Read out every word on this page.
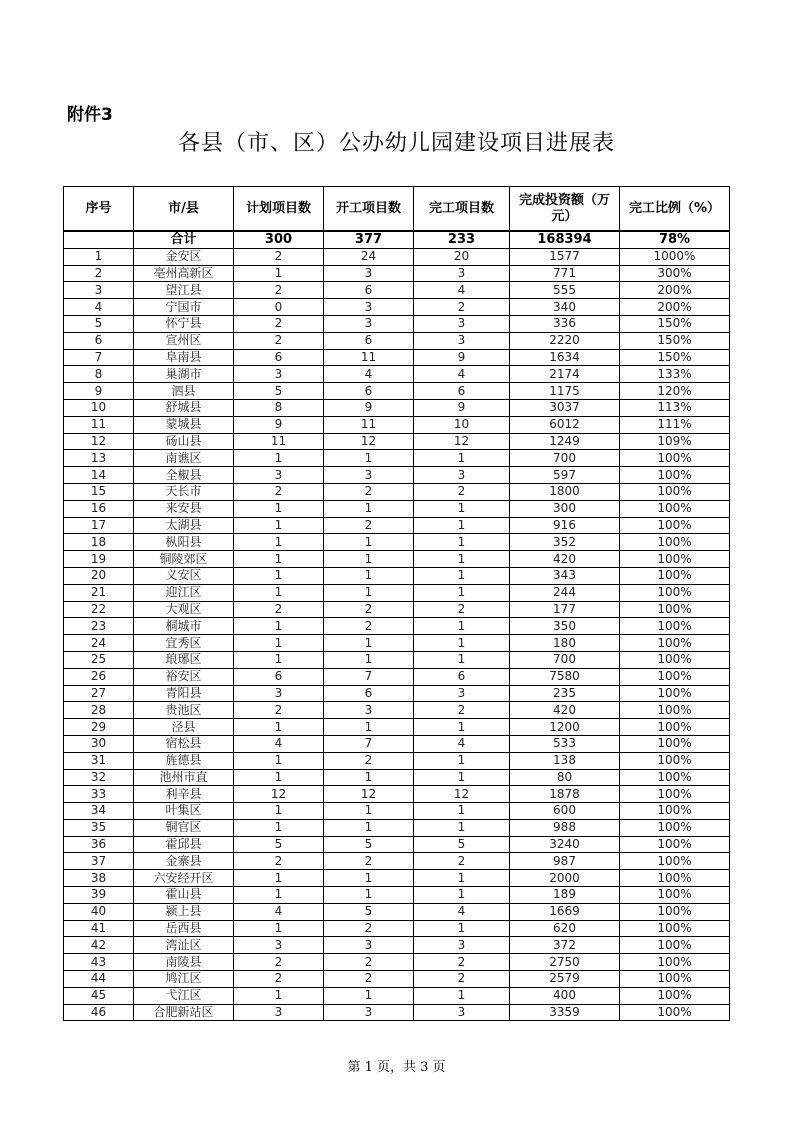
附件3
各县（市、区）公办幼儿园建设项目进展表
序号	市/县	计划项目数	开工项目数	完工项目数	完成投资额（万元）	完工比例（%）
	合计	300	377	233	168394	78%
1	金安区	2	24	20	1577	1000%
2	亳州高新区	1	3	3	771	300%
3	望江县	2	6	4	555	200%
4	宁国市	0	3	2	340	200%
5	怀宁县	2	3	3	336	150%
6	宣州区	2	6	3	2220	150%
7	阜南县	6	11	9	1634	150%
8	巢湖市	3	4	4	2174	133%
9	泗县	5	6	6	1175	120%
10	舒城县	8	9	9	3037	113%
11	蒙城县	9	11	10	6012	111%
12	砀山县	11	12	12	1249	109%
13	南谯区	1	1	1	700	100%
14	全椒县	3	3	3	597	100%
15	天长市	2	2	2	1800	100%
16	来安县	1	1	1	300	100%
17	太湖县	1	2	1	916	100%
18	枞阳县	1	1	1	352	100%
19	铜陵郊区	1	1	1	420	100%
20	义安区	1	1	1	343	100%
21	迎江区	1	1	1	244	100%
22	大观区	2	2	2	177	100%
23	桐城市	1	2	1	350	100%
24	宜秀区	1	1	1	180	100%
25	琅琊区	1	1	1	700	100%
26	裕安区	6	7	6	7580	100%
27	青阳县	3	6	3	235	100%
28	贵池区	2	3	2	420	100%
29	泾县	1	1	1	1200	100%
30	宿松县	4	7	4	533	100%
31	旌德县	1	2	1	138	100%
32	池州市直	1	1	1	80	100%
33	利辛县	12	12	12	1878	100%
34	叶集区	1	1	1	600	100%
35	铜官区	1	1	1	988	100%
36	霍邱县	5	5	5	3240	100%
37	金寨县	2	2	2	987	100%
38	六安经开区	1	1	1	2000	100%
39	霍山县	1	1	1	189	100%
40	颍上县	4	5	4	1669	100%
41	岳西县	1	2	1	620	100%
42	湾沚区	3	3	3	372	100%
43	南陵县	2	2	2	2750	100%
44	鸠江区	2	2	2	2579	100%
45	弋江区	1	1	1	400	100%
46	合肥新站区	3	3	3	3359	100%
第 1 页，共 3 页
